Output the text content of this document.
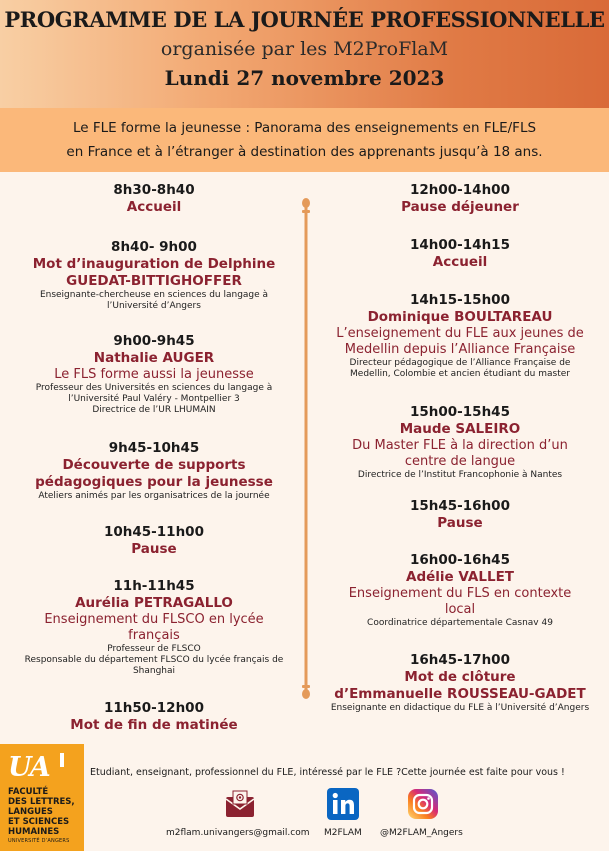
PROGRAMME DE LA JOURNÉE PROFESSIONNELLE
organisée par les M2ProFlaM
Lundi 27 novembre 2023
Le FLE forme la jeunesse : Panorama des enseignements en FLE/FLS
en France et à l’étranger à destination des apprenants jusqu’à 18 ans.
8h30-8h40
Accueil
8h40- 9h00
Mot d’inauguration de Delphine
GUEDAT-BITTIGHOFFER
Enseignante-chercheuse en sciences du langage à
l’Université d’Angers
9h00-9h45
Nathalie AUGER
Le FLS forme aussi la jeunesse
Professeur des Universités en sciences du langage à
l’Université Paul Valéry - Montpellier 3
Directrice de l’UR LHUMAIN
9h45-10h45
Découverte de supports
pédagogiques pour la jeunesse
Ateliers animés par les organisatrices de la journée
10h45-11h00
Pause
11h-11h45
Aurélia PETRAGALLO
Enseignement du FLSCO en lycée
français
Professeur de FLSCO
Responsable du département FLSCO du lycée français de
Shanghai
11h50-12h00
Mot de fin de matinée
12h00-14h00
Pause déjeuner
14h00-14h15
Accueil
14h15-15h00
Dominique BOULTAREAU
L’enseignement du FLE aux jeunes de
Medellin depuis l’Alliance Française
Directeur pédagogique de l’Alliance Française de
Medellin, Colombie et ancien étudiant du master
15h00-15h45
Maude SALEIRO
Du Master FLE à la direction d’un
centre de langue
Directrice de l’Institut Francophonie à Nantes
15h45-16h00
Pause
16h00-16h45
Adélie VALLET
Enseignement du FLS en contexte
local
Coordinatrice départementale Casnav 49
16h45-17h00
Mot de clôture
d’Emmanuelle ROUSSEAU-GADET
Enseignante en didactique du FLE à l’Université d’Angers
UA
FACULTÉ
DES LETTRES,
LANGUES
ET SCIENCES
HUMAINES
UNIVERSITÉ D’ANGERS
Etudiant, enseignant, professionnel du FLE, intéressé par le FLE ?Cette journée est faite pour vous !
m2flam.univangers@gmail.com M2FLAM @M2FLAM_Angers
